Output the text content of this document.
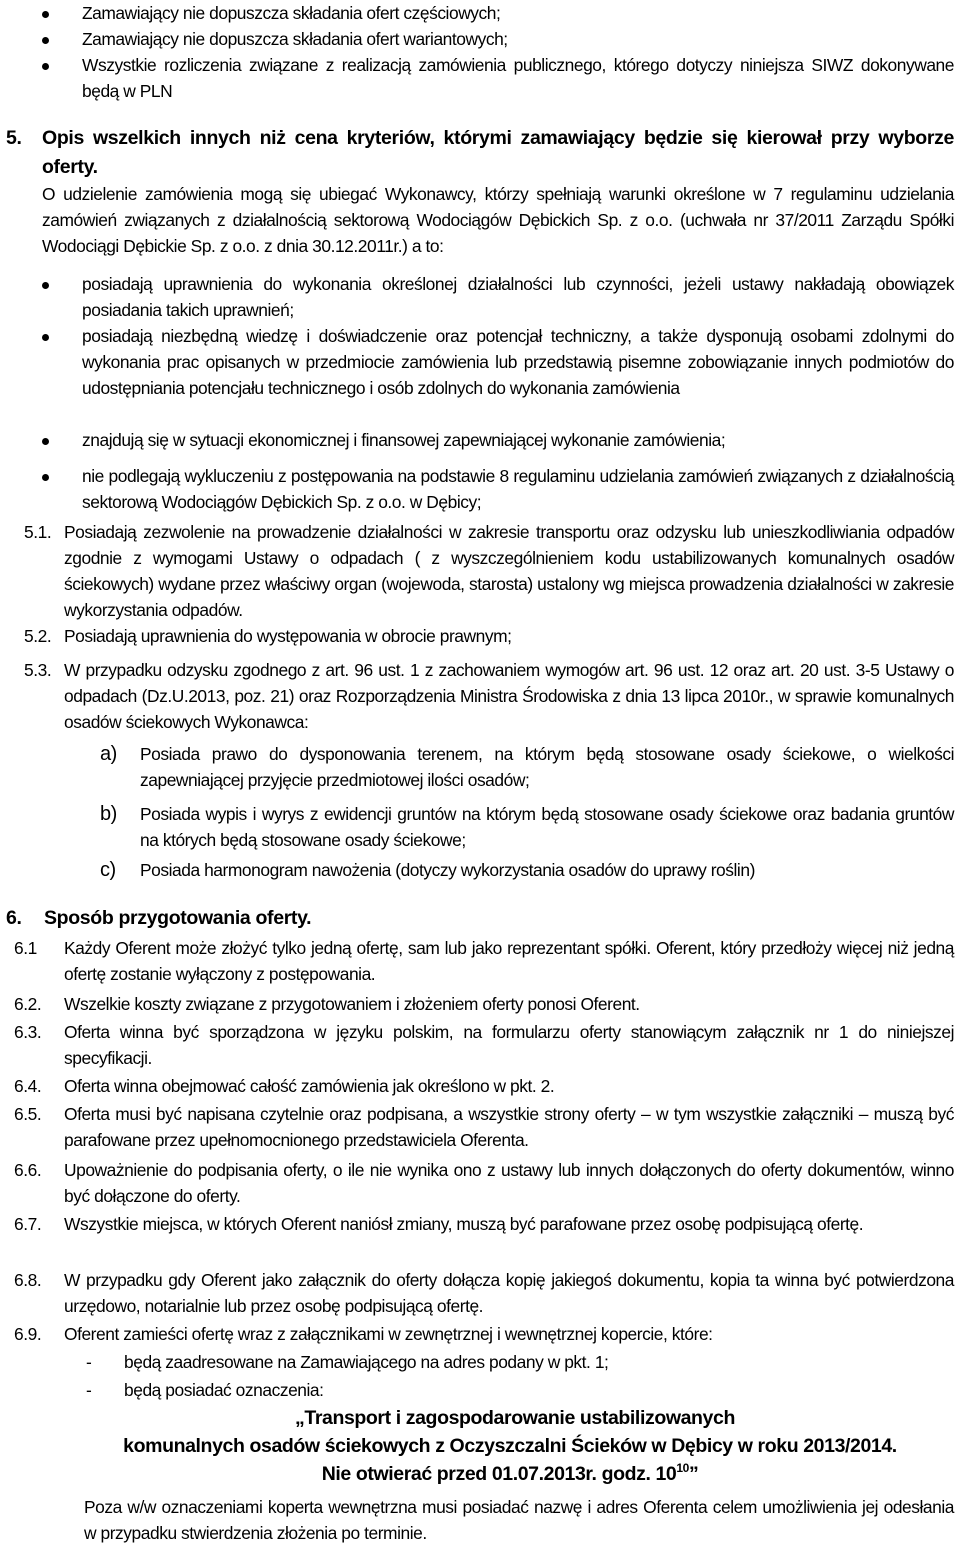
Zamawiający nie dopuszcza składania ofert częściowych;

Zamawiający nie dopuszcza składania ofert wariantowych;

Wszystkie rozliczenia związane z realizacją zamówienia publicznego, którego dotyczy niniejsza SIWZ dokonywane będą w PLN

5.	Opis wszelkich innych niż cena kryteriów, którymi zamawiający będzie się kierował przy wyborze oferty.

O udzielenie zamówienia mogą się ubiegać Wykonawcy, którzy spełniają warunki określone w 7 regulaminu udzielania zamówień związanych z działalnością sektorową Wodociągów Dębickich Sp. z o.o. (uchwała nr 37/2011 Zarządu Spółki Wodociągi Dębickie Sp. z o.o. z dnia 30.12.2011r.) a to:

posiadają uprawnienia do wykonania określonej działalności lub czynności, jeżeli ustawy nakładają obowiązek posiadania takich uprawnień;

posiadają niezbędną wiedzę i doświadczenie oraz potencjał techniczny, a także dysponują osobami zdolnymi do wykonania prac opisanych w przedmiocie zamówienia lub przedstawią pisemne zobowiązanie innych podmiotów do udostępniania potencjału technicznego i osób zdolnych do wykonania zamówienia

znajdują się w sytuacji ekonomicznej i finansowej zapewniającej wykonanie zamówienia;

nie podlegają wykluczeniu z postępowania na podstawie 8 regulaminu udzielania zamówień związanych z działalnością sektorową Wodociągów Dębickich Sp. z o.o. w Dębicy;

5.1. Posiadają zezwolenie na prowadzenie działalności w zakresie transportu oraz odzysku lub unieszkodliwiania odpadów zgodnie z wymogami Ustawy o odpadach ( z wyszczególnieniem kodu ustabilizowanych komunalnych osadów ściekowych) wydane przez właściwy organ (wojewoda, starosta) ustalony wg miejsca prowadzenia działalności w zakresie wykorzystania odpadów.

5.2. Posiadają uprawnienia do występowania w obrocie prawnym;

5.3. W przypadku odzysku zgodnego z art. 96 ust. 1 z zachowaniem wymogów art. 96 ust. 12 oraz art. 20 ust. 3-5 Ustawy o odpadach (Dz.U.2013, poz. 21) oraz Rozporządzenia Ministra Środowiska z dnia 13 lipca 2010r., w sprawie komunalnych osadów ściekowych Wykonawca:

a) Posiada prawo do dysponowania terenem, na którym będą stosowane osady ściekowe, o wielkości zapewniającej przyjęcie przedmiotowej ilości osadów;

b) Posiada wypis i wyrys z ewidencji gruntów na którym będą stosowane osady ściekowe oraz badania gruntów na których będą stosowane osady ściekowe;

c) Posiada harmonogram nawożenia (dotyczy wykorzystania osadów do uprawy roślin)

6. Sposób przygotowania oferty.
6.1 Każdy Oferent może złożyć tylko jedną ofertę, sam lub jako reprezentant spółki. Oferent, który przedłoży więcej niż jedną ofertę zostanie wyłączony z postępowania.

6.2. Wszelkie koszty związane z przygotowaniem i złożeniem oferty ponosi Oferent.

6.3. Oferta winna być sporządzona w języku polskim, na formularzu oferty stanowiącym załącznik nr 1 do niniejszej specyfikacji.

6.4. Oferta winna obejmować całość zamówienia jak określono w pkt. 2.

6.5. Oferta musi być napisana czytelnie oraz podpisana, a wszystkie strony oferty – w tym wszystkie załączniki – muszą być parafowane przez upełnomocnionego przedstawiciela Oferenta.

6.6. Upoważnienie do podpisania oferty, o ile nie wynika ono z ustawy lub innych dołączonych do oferty dokumentów, winno być dołączone do oferty.

6.7. Wszystkie miejsca, w których Oferent naniósł zmiany, muszą być parafowane przez osobę podpisującą ofertę.

6.8. W przypadku gdy Oferent jako załącznik do oferty dołącza kopię jakiegoś dokumentu, kopia ta winna być potwierdzona urzędowo, notarialnie lub przez osobę podpisującą ofertę.

6.9. Oferent zamieści ofertę wraz z załącznikami w zewnętrznej i wewnętrznej kopercie, które:

- będą zaadresowane na Zamawiającego na adres podany w pkt. 1;

- będą posiadać oznaczenia:

„Transport i zagospodarowanie ustabilizowanych
komunalnych osadów ściekowych z Oczyszczalni Ścieków w Dębicy w roku 2013/2014.
Nie otwierać przed 01.07.2013r. godz. $10^{10}$”

Poza w/w oznaczeniami koperta wewnętrzna musi posiadać nazwę i adres Oferenta celem umożliwienia jej odesłania w przypadku stwierdzenia złożenia po terminie.
